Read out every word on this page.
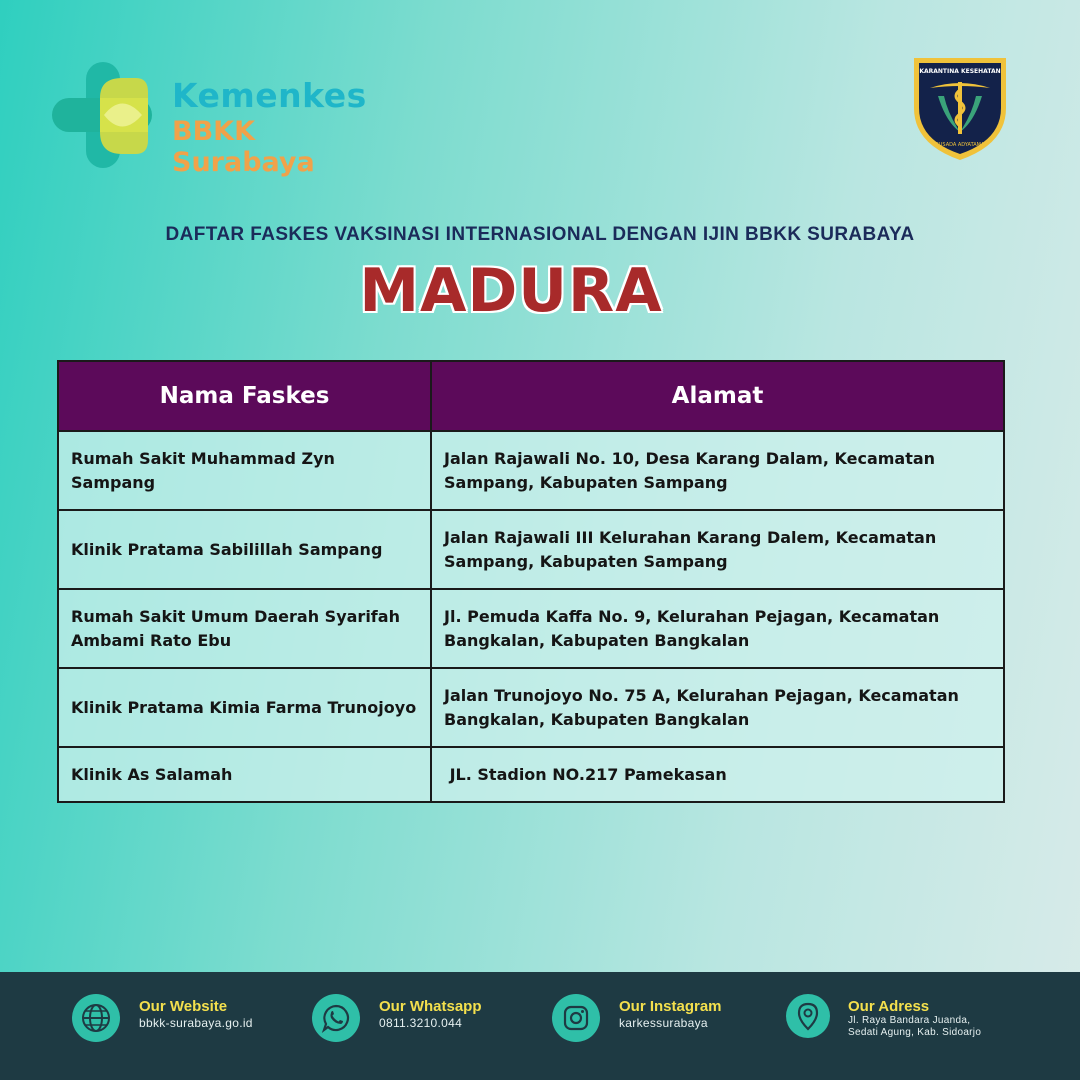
Kemenkes
BBKK Surabaya
KARANTINA KESEHATAN
SUSADA ADYATAMA
DAFTAR FASKES VAKSINASI INTERNASIONAL DENGAN IJIN BBKK SURABAYA
MADURA
Nama Faskes	Alamat
Rumah Sakit Muhammad Zyn Sampang	Jalan Rajawali No. 10, Desa Karang Dalam, Kecamatan Sampang, Kabupaten Sampang
Klinik Pratama Sabilillah Sampang	Jalan Rajawali III Kelurahan Karang Dalem, Kecamatan Sampang, Kabupaten Sampang
Rumah Sakit Umum Daerah Syarifah Ambami Rato Ebu	Jl. Pemuda Kaffa No. 9, Kelurahan Pejagan, Kecamatan Bangkalan, Kabupaten Bangkalan
Klinik Pratama Kimia Farma Trunojoyo	Jalan Trunojoyo No. 75 A, Kelurahan Pejagan, Kecamatan Bangkalan, Kabupaten Bangkalan
Klinik As Salamah	JL. Stadion NO.217 Pamekasan
Our Website
bbkk-surabaya.go.id
Our Whatsapp
0811.3210.044
Our Instagram
karkessurabaya
Our Adress
Jl. Raya Bandara Juanda,
Sedati Agung, Kab. Sidoarjo
